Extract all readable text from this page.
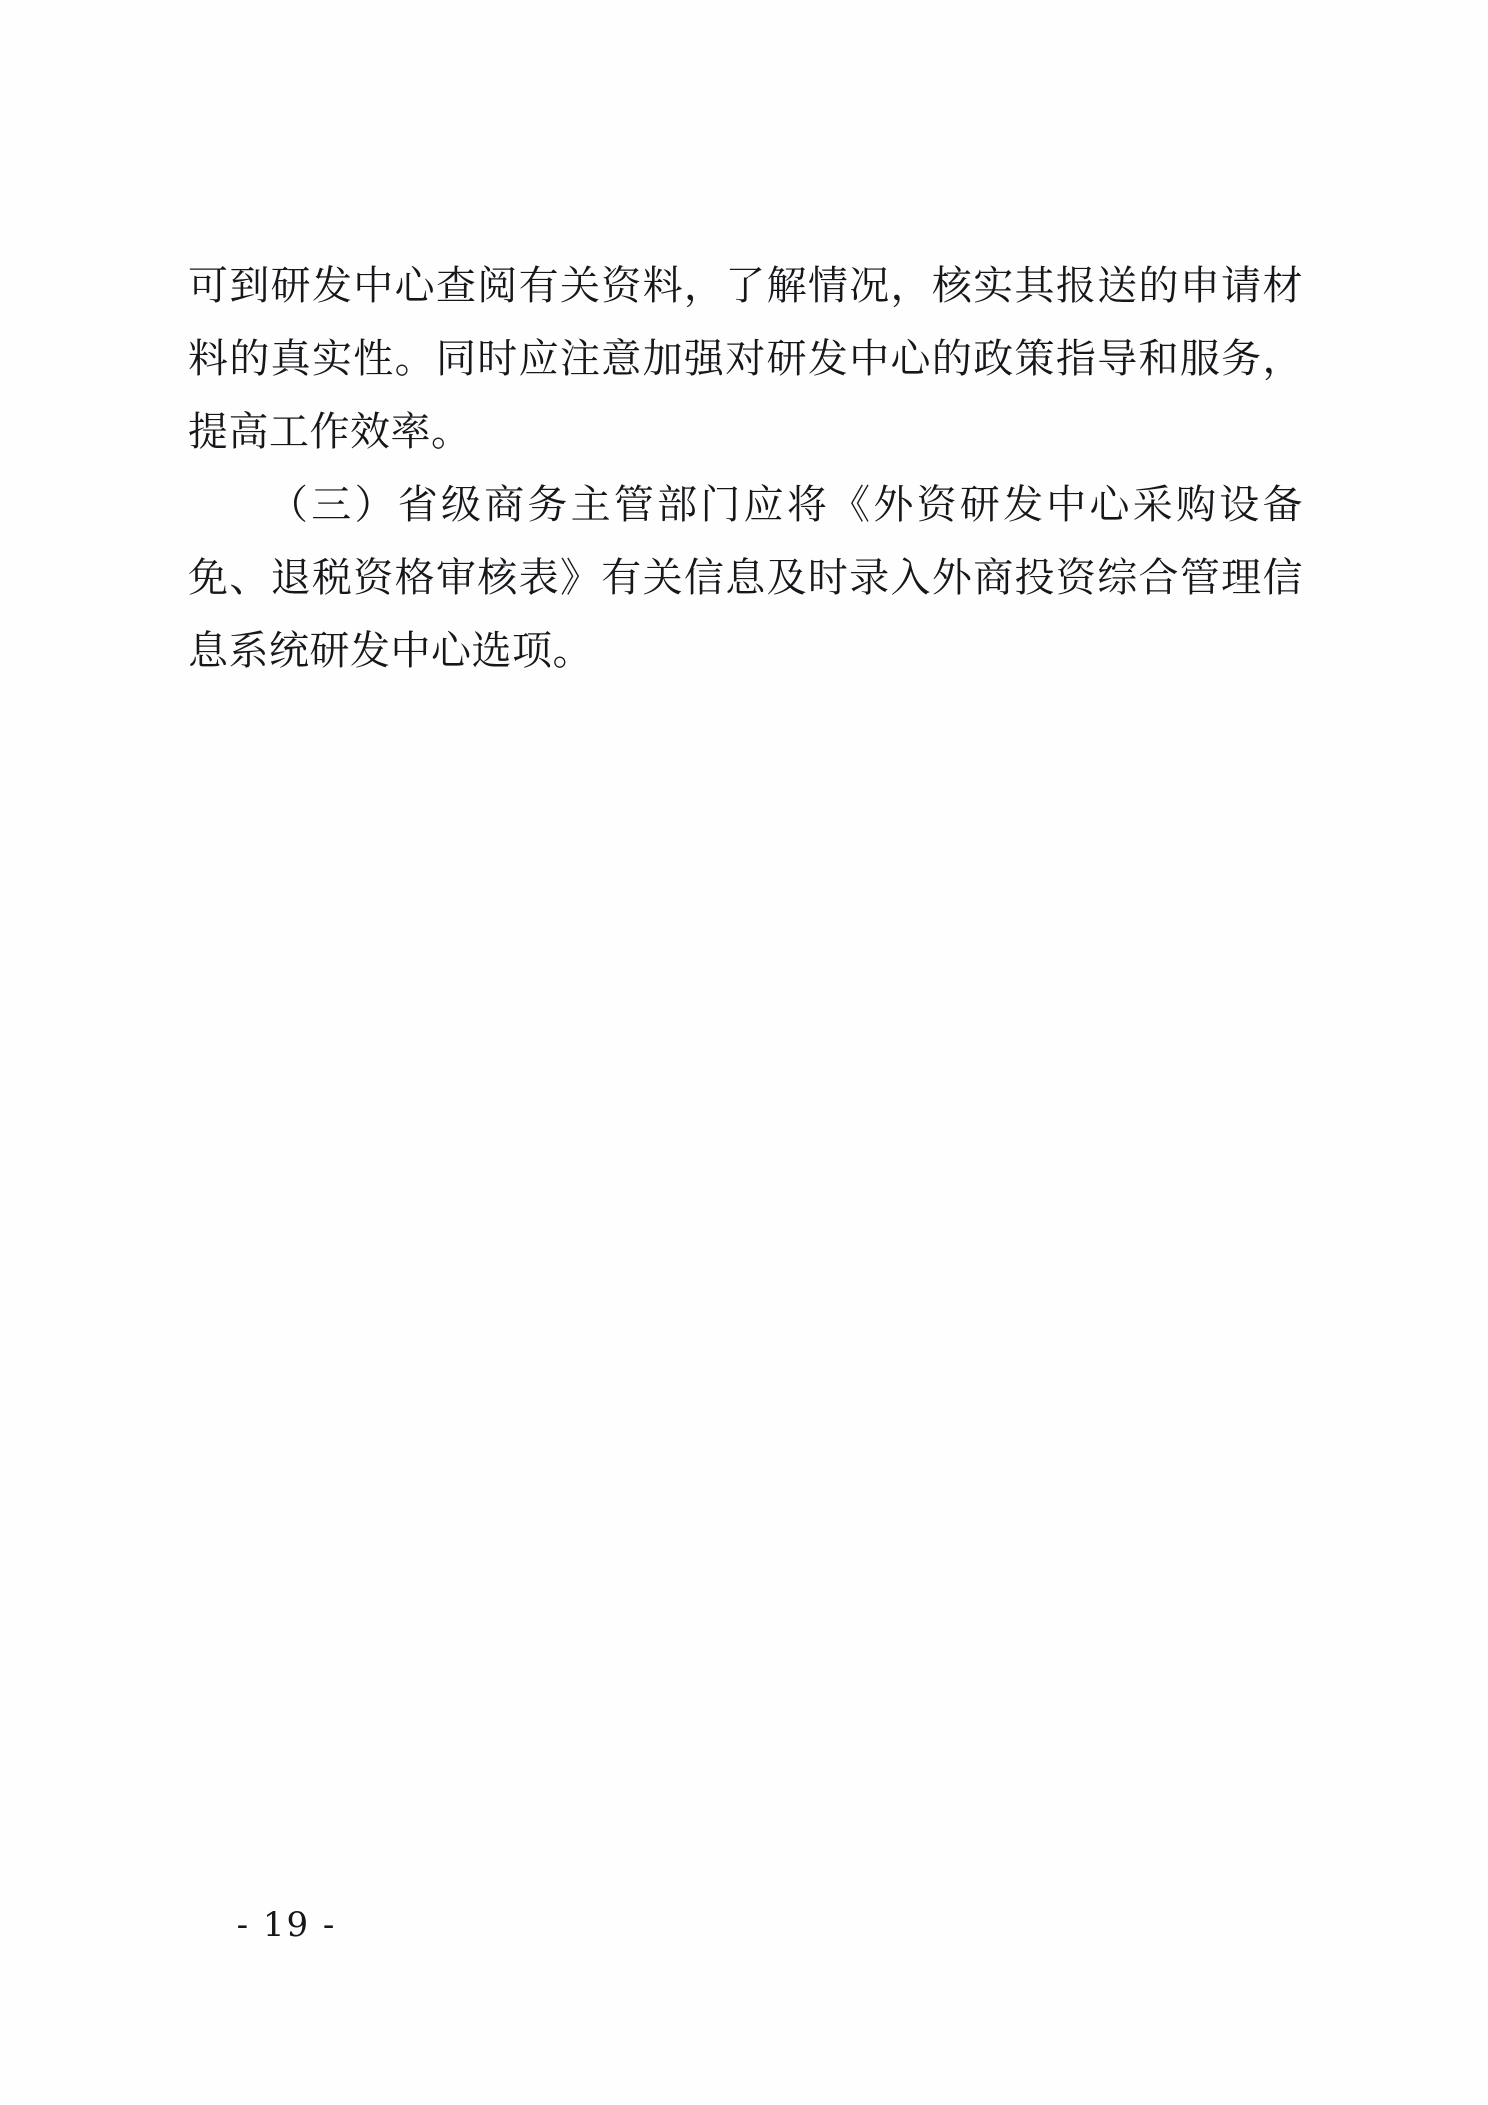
可到研发中心查阅有关资料，了解情况，核实其报送的申请材料的真实性。同时应注意加强对研发中心的政策指导和服务，提高工作效率。

（三）省级商务主管部门应将《外资研发中心采购设备免、退税资格审核表》有关信息及时录入外商投资综合管理信息系统研发中心选项。

- 19 -
